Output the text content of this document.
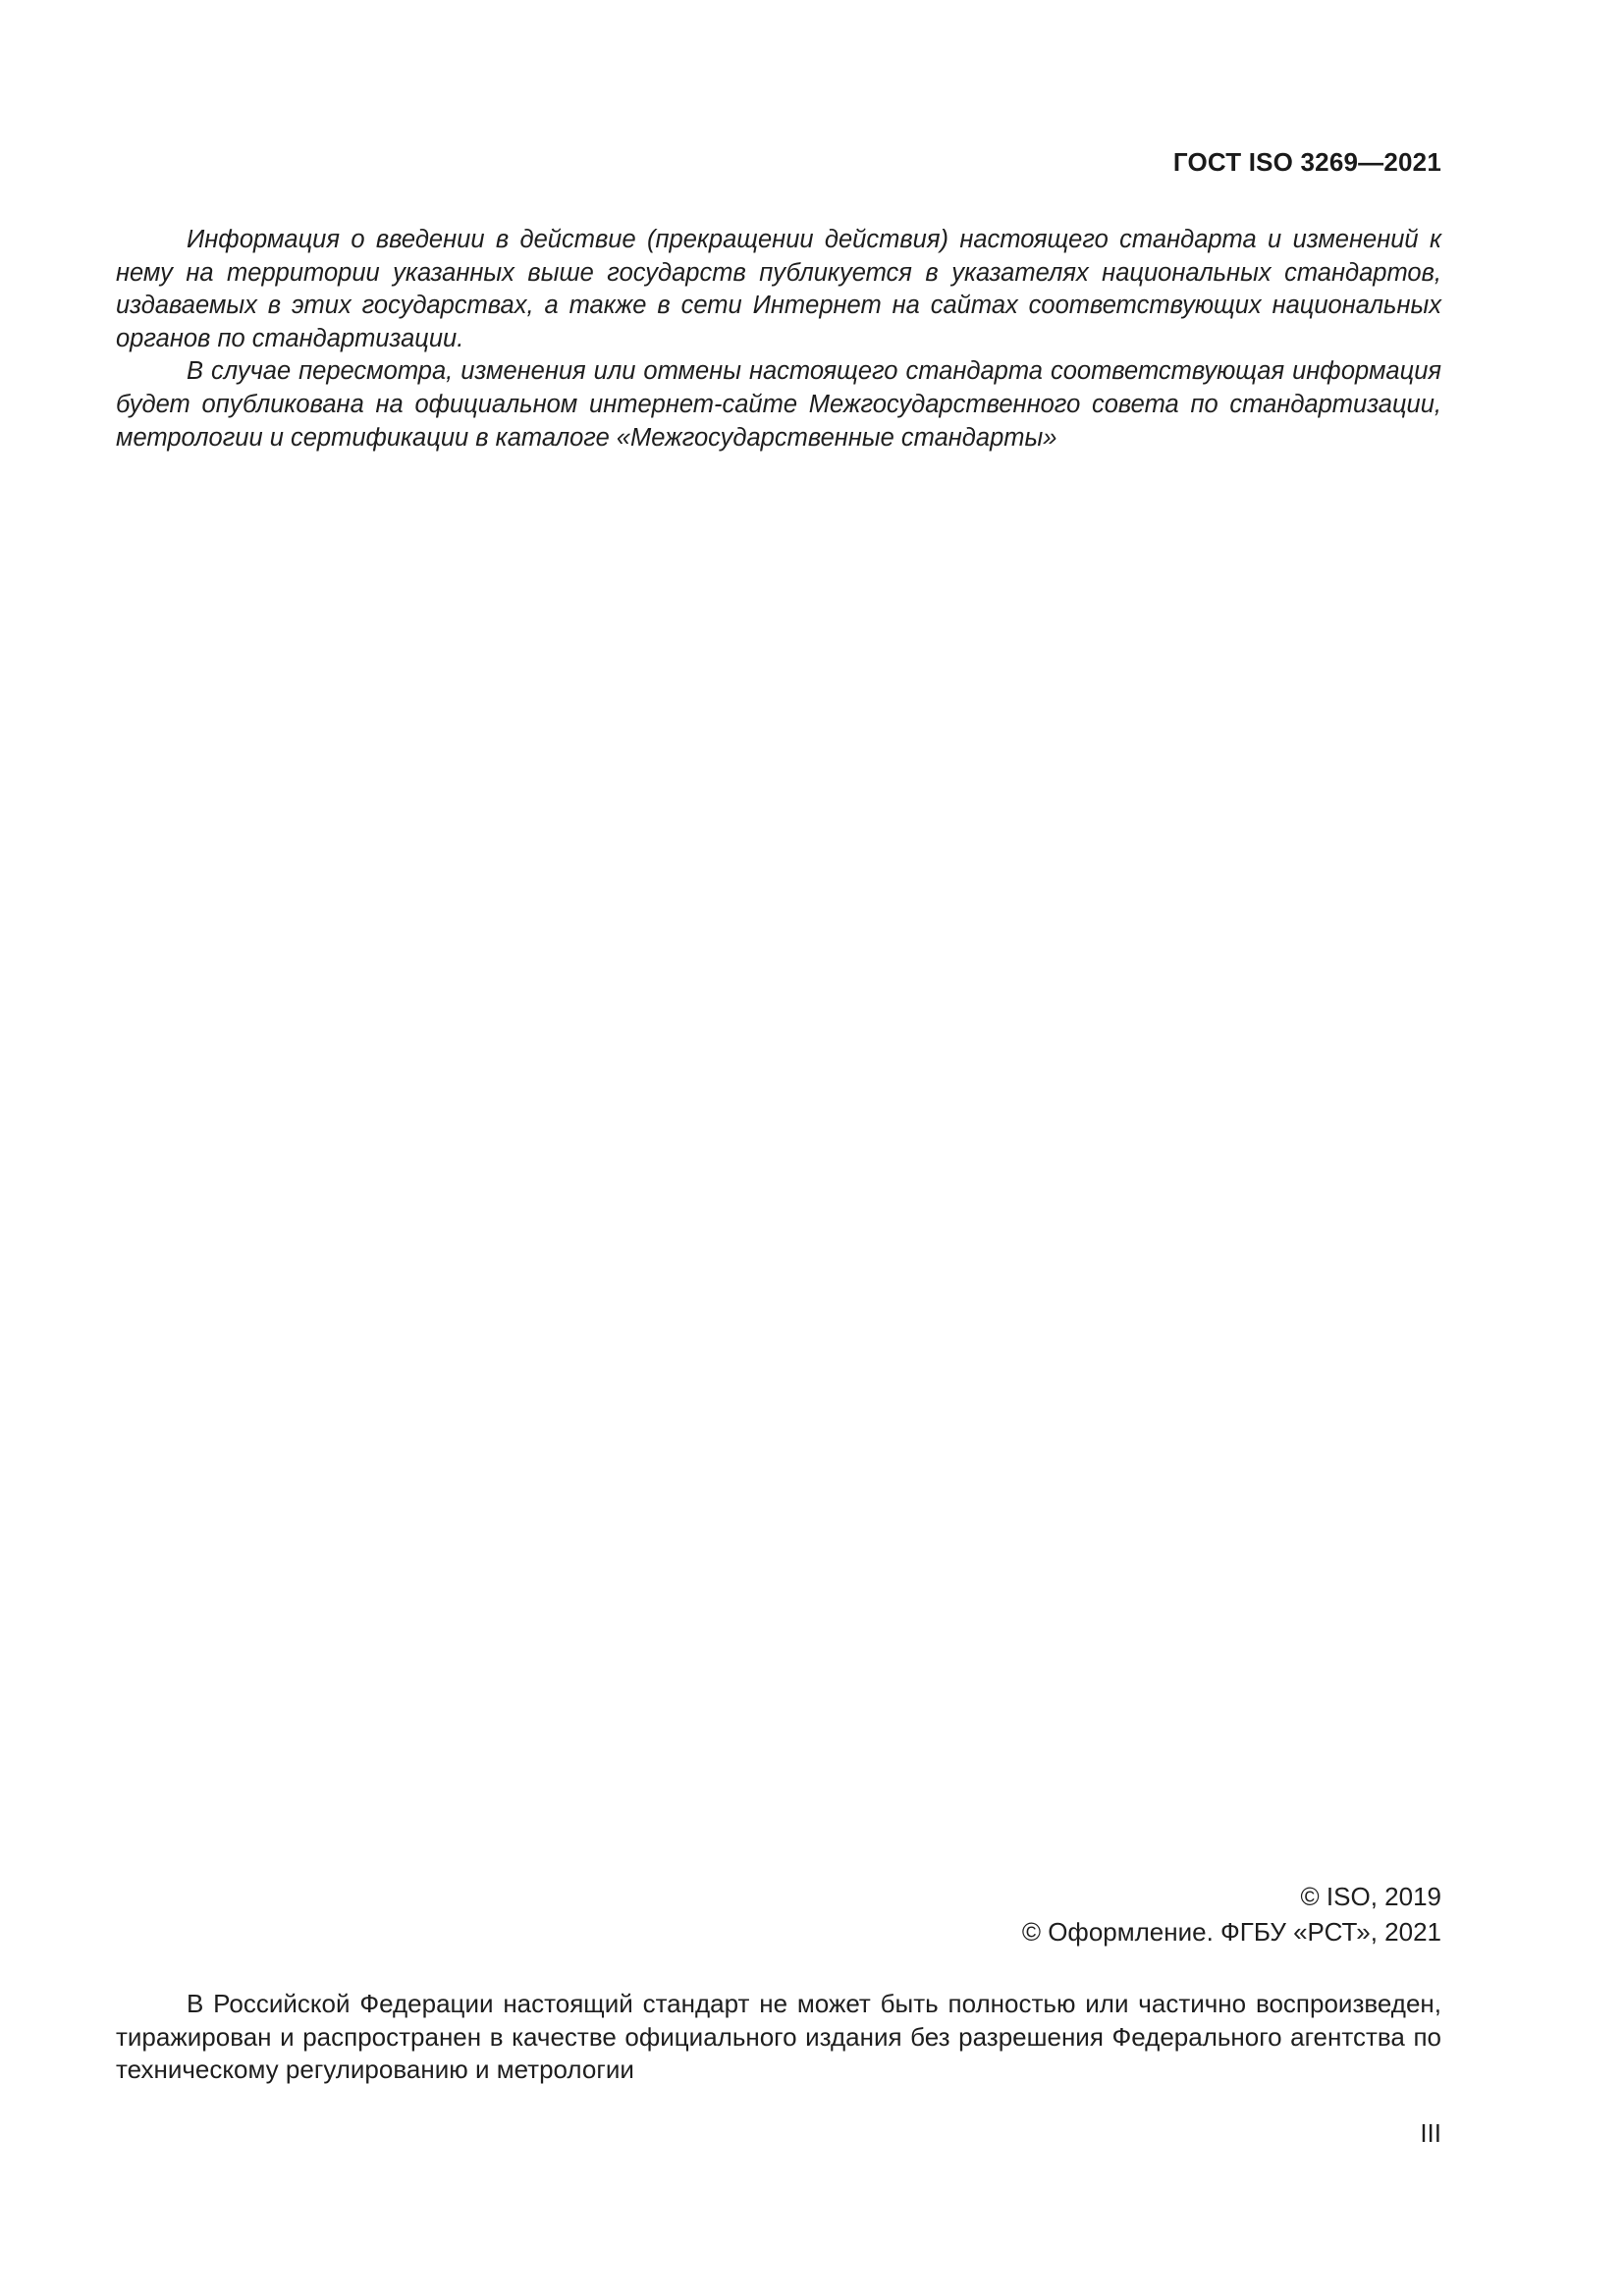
ГОСТ ISO 3269—2021

Информация о введении в действие (прекращении действия) настоящего стандарта и изменений к нему на территории указанных выше государств публикуется в указателях национальных стандартов, издаваемых в этих государствах, а также в сети Интернет на сайтах соответствующих национальных органов по стандартизации.

В случае пересмотра, изменения или отмены настоящего стандарта соответствующая информация будет опубликована на официальном интернет-сайте Межгосударственного совета по стандартизации, метрологии и сертификации в каталоге «Межгосударственные стандарты»

© ISO, 2019
© Оформление. ФГБУ «РСТ», 2021

В Российской Федерации настоящий стандарт не может быть полностью или частично воспроизведен, тиражирован и распространен в качестве официального издания без разрешения Федерального агентства по техническому регулированию и метрологии

III
